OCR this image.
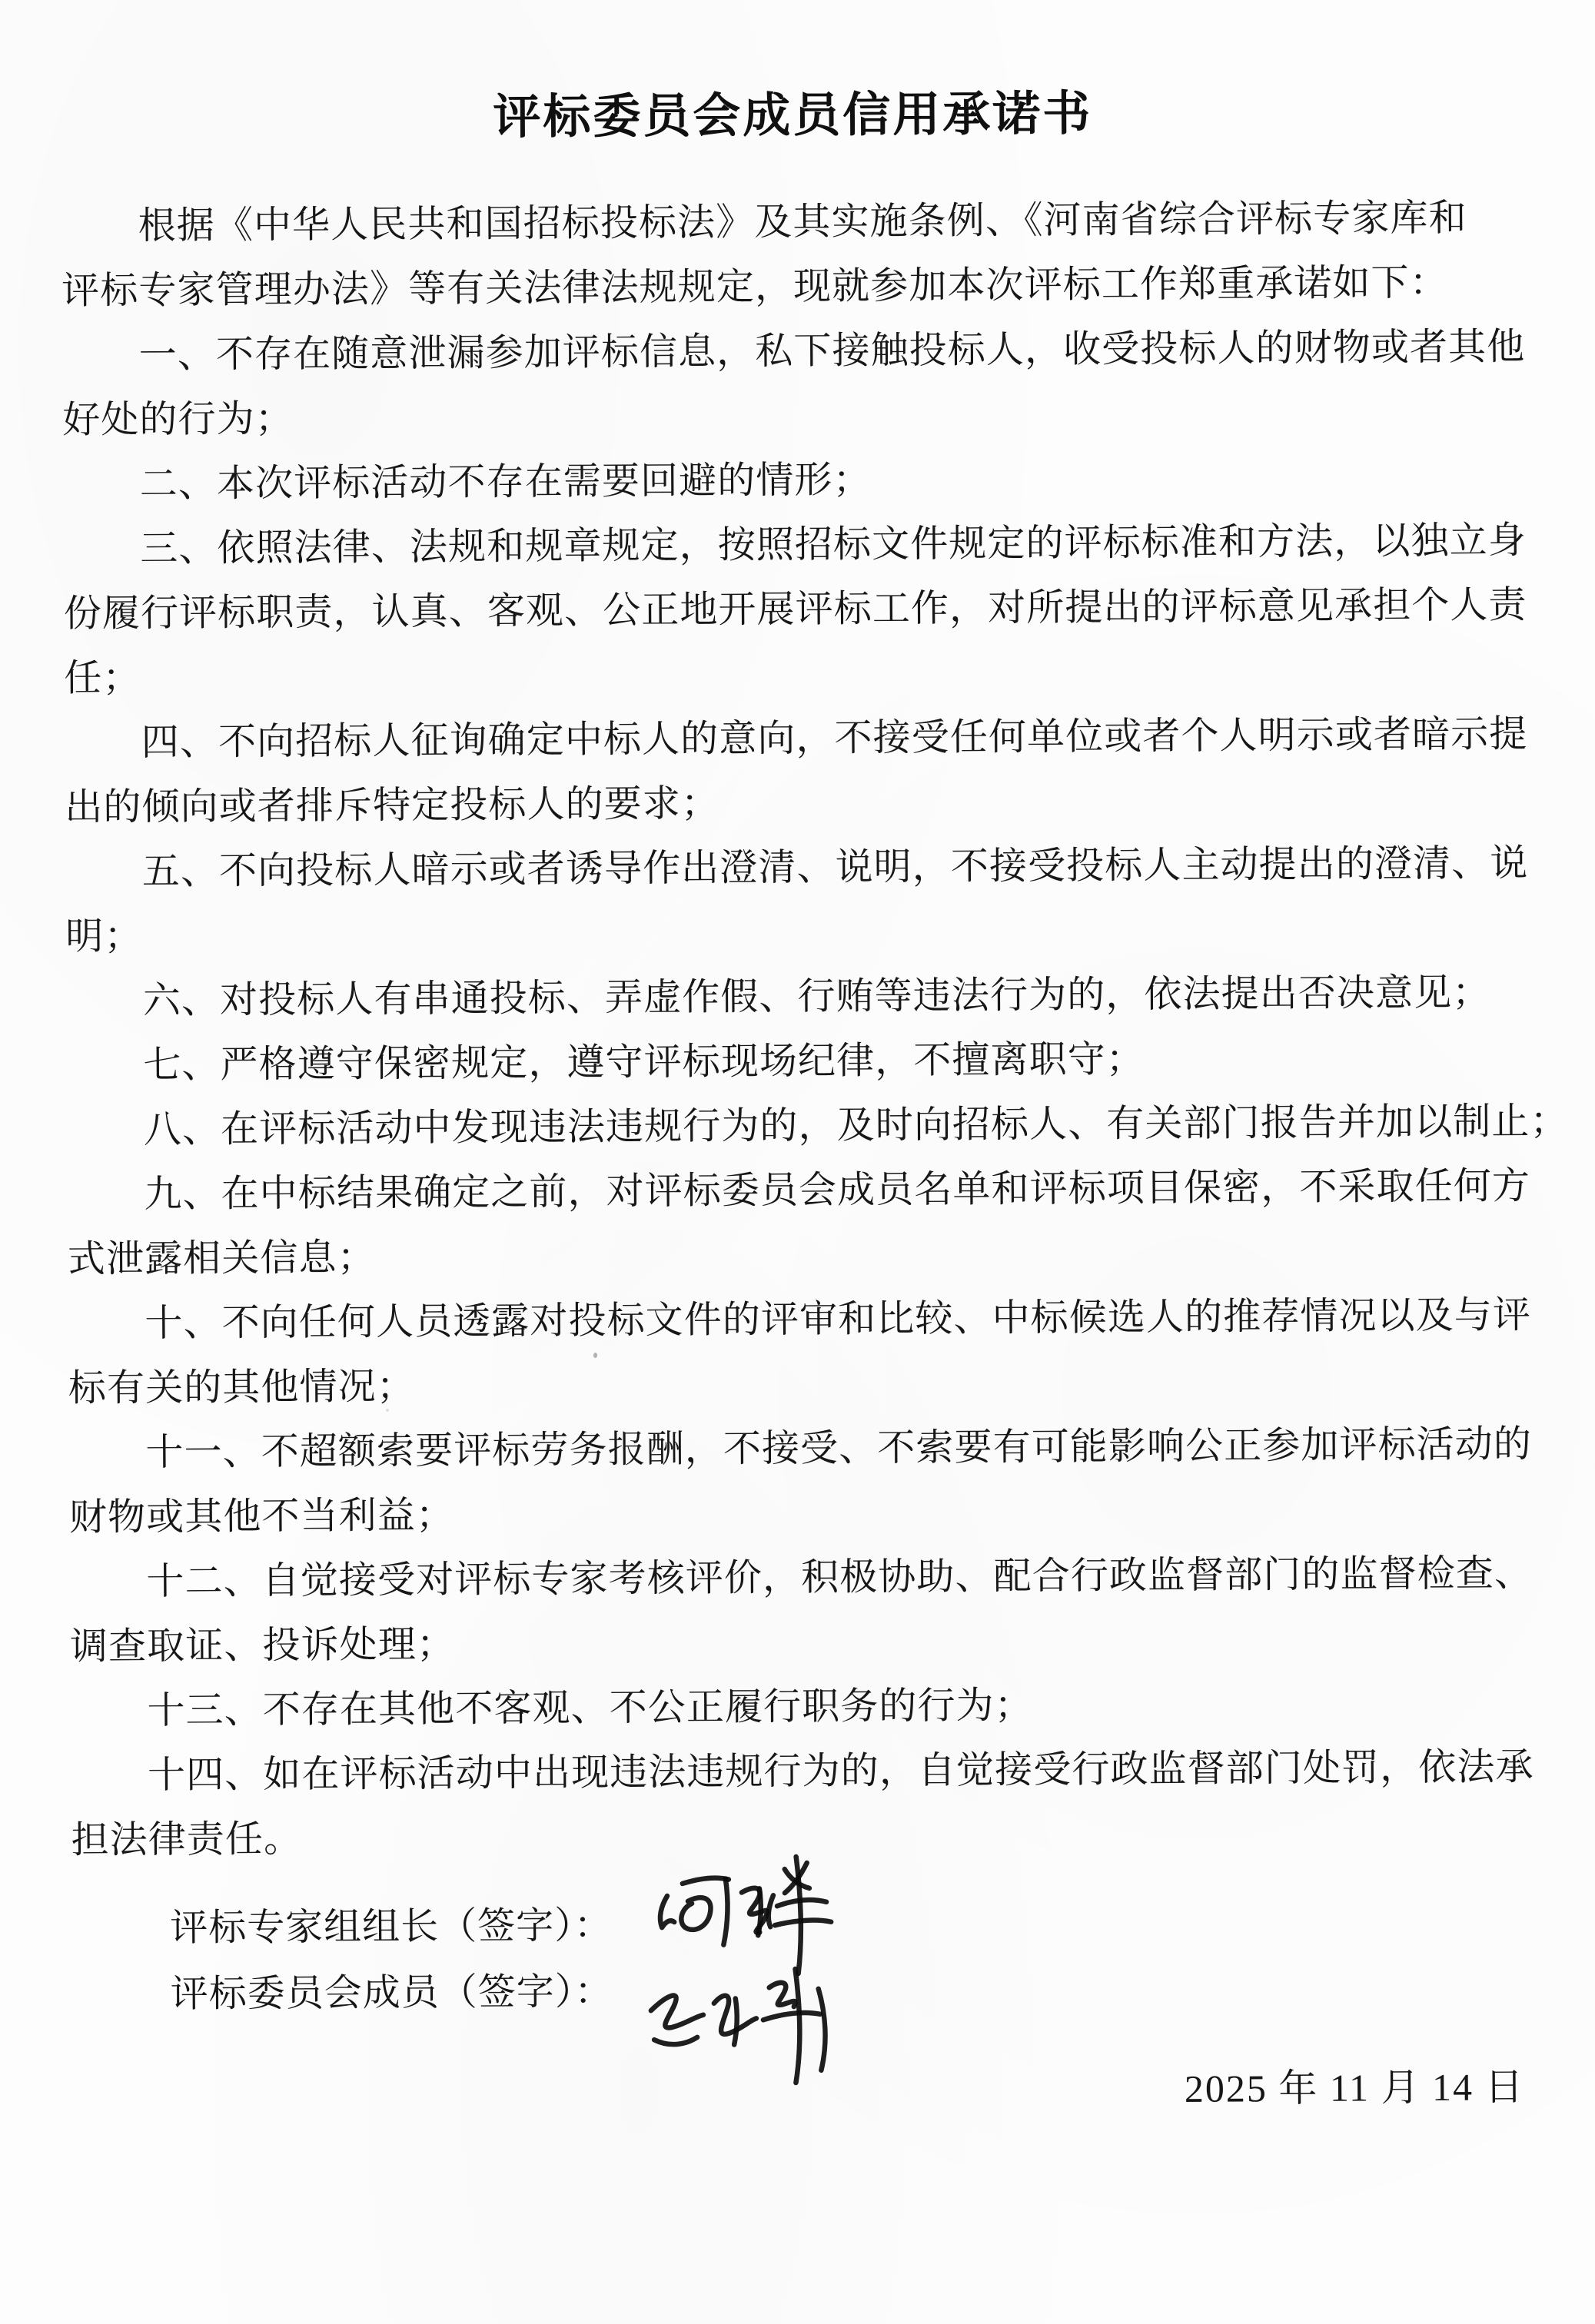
评标委员会成员信用承诺书
根据《中华人民共和国招标投标法》及其实施条例、《河南省综合评标专家库和
评标专家管理办法》等有关法律法规规定，现就参加本次评标工作郑重承诺如下：
一、不存在随意泄漏参加评标信息，私下接触投标人，收受投标人的财物或者其他
好处的行为；
二、本次评标活动不存在需要回避的情形；
三、依照法律、法规和规章规定，按照招标文件规定的评标标准和方法，以独立身
份履行评标职责，认真、客观、公正地开展评标工作，对所提出的评标意见承担个人责
任；
四、不向招标人征询确定中标人的意向，不接受任何单位或者个人明示或者暗示提
出的倾向或者排斥特定投标人的要求；
五、不向投标人暗示或者诱导作出澄清、说明，不接受投标人主动提出的澄清、说
明；
六、对投标人有串通投标、弄虚作假、行贿等违法行为的，依法提出否决意见；
七、严格遵守保密规定，遵守评标现场纪律，不擅离职守；
八、在评标活动中发现违法违规行为的，及时向招标人、有关部门报告并加以制止；
九、在中标结果确定之前，对评标委员会成员名单和评标项目保密，不采取任何方
式泄露相关信息；
十、不向任何人员透露对投标文件的评审和比较、中标候选人的推荐情况以及与评
标有关的其他情况；
十一、不超额索要评标劳务报酬，不接受、不索要有可能影响公正参加评标活动的
财物或其他不当利益；
十二、自觉接受对评标专家考核评价，积极协助、配合行政监督部门的监督检查、
调查取证、投诉处理；
十三、不存在其他不客观、不公正履行职务的行为；
十四、如在评标活动中出现违法违规行为的，自觉接受行政监督部门处罚，依法承
担法律责任。
评标专家组组长（签字）：
评标委员会成员（签字）：
2025 年 11 月 14 日
